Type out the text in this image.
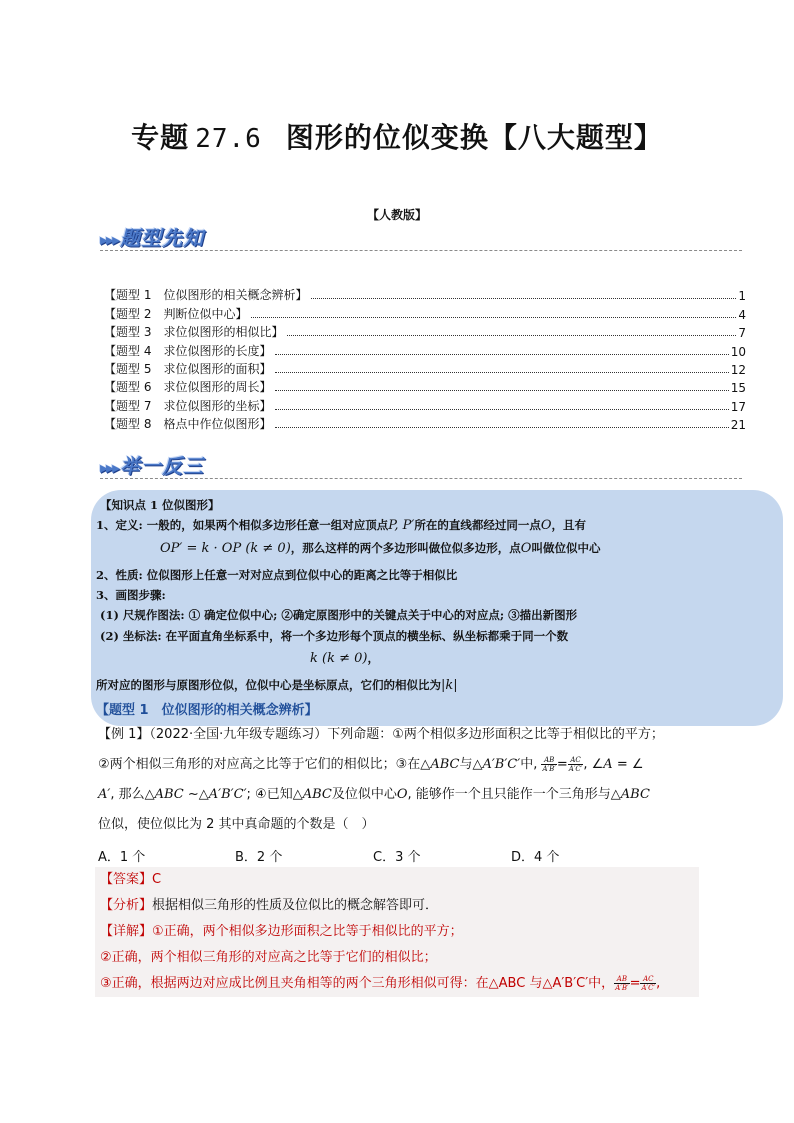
专题 27.6 图形的位似变换【八大题型】
【人教版】
▸▸▸ 题型先知
【题型 1　位似图形的相关概念辨析】	1
【题型 2　判断位似中心】	4
【题型 3　求位似图形的相似比】	7
【题型 4　求位似图形的长度】	10
【题型 5　求位似图形的面积】	12
【题型 6　求位似图形的周长】	15
【题型 7　求位似图形的坐标】	17
【题型 8　格点中作位似图形】	21
▸▸▸ 举一反三
【知识点 1 位似图形】
1、定义: 一般的，如果两个相似多边形任意一组对应顶点P, P′所在的直线都经过同一点O，且有
OP′ = k · OP (k ≠ 0)，那么这样的两个多边形叫做位似多边形，点O叫做位似中心
2、性质: 位似图形上任意一对对应点到位似中心的距离之比等于相似比
3、画图步骤:
(1) 尺规作图法: ① 确定位似中心; ②确定原图形中的关键点关于中心的对应点; ③描出新图形
(2) 坐标法: 在平面直角坐标系中，将一个多边形每个顶点的横坐标、纵坐标都乘于同一个数
k (k ≠ 0)，
所对应的图形与原图形位似，位似中心是坐标原点，它们的相似比为|k|
【题型 1　位似图形的相关概念辨析】
【例 1】（2022·全国·九年级专题练习）下列命题：①两个相似多边形面积之比等于相似比的平方；
②两个相似三角形的对应高之比等于它们的相似比；③在△ABC与△A′B′C′中, $\frac{AB}{A'B'} = \frac{AC}{A'C'}$ , ∠A = ∠
A′, 那么△ABC ~△A′B′C′; ④已知△ABC及位似中心O, 能够作一个且只能作一个三角形与△ABC
位似，使位似比为 2 其中真命题的个数是（　）
A．1 个	B．2 个	C．3 个	D．4 个
【答案】C
【分析】根据相似三角形的性质及位似比的概念解答即可．
【详解】①正确，两个相似多边形面积之比等于相似比的平方；
②正确，两个相似三角形的对应高之比等于它们的相似比；
③正确，根据两边对应成比例且夹角相等的两个三角形相似可得：在△ABC 与△A′B′C′中， $\frac{AB}{A'B'} = \frac{AC}{A'C'}$ ,
